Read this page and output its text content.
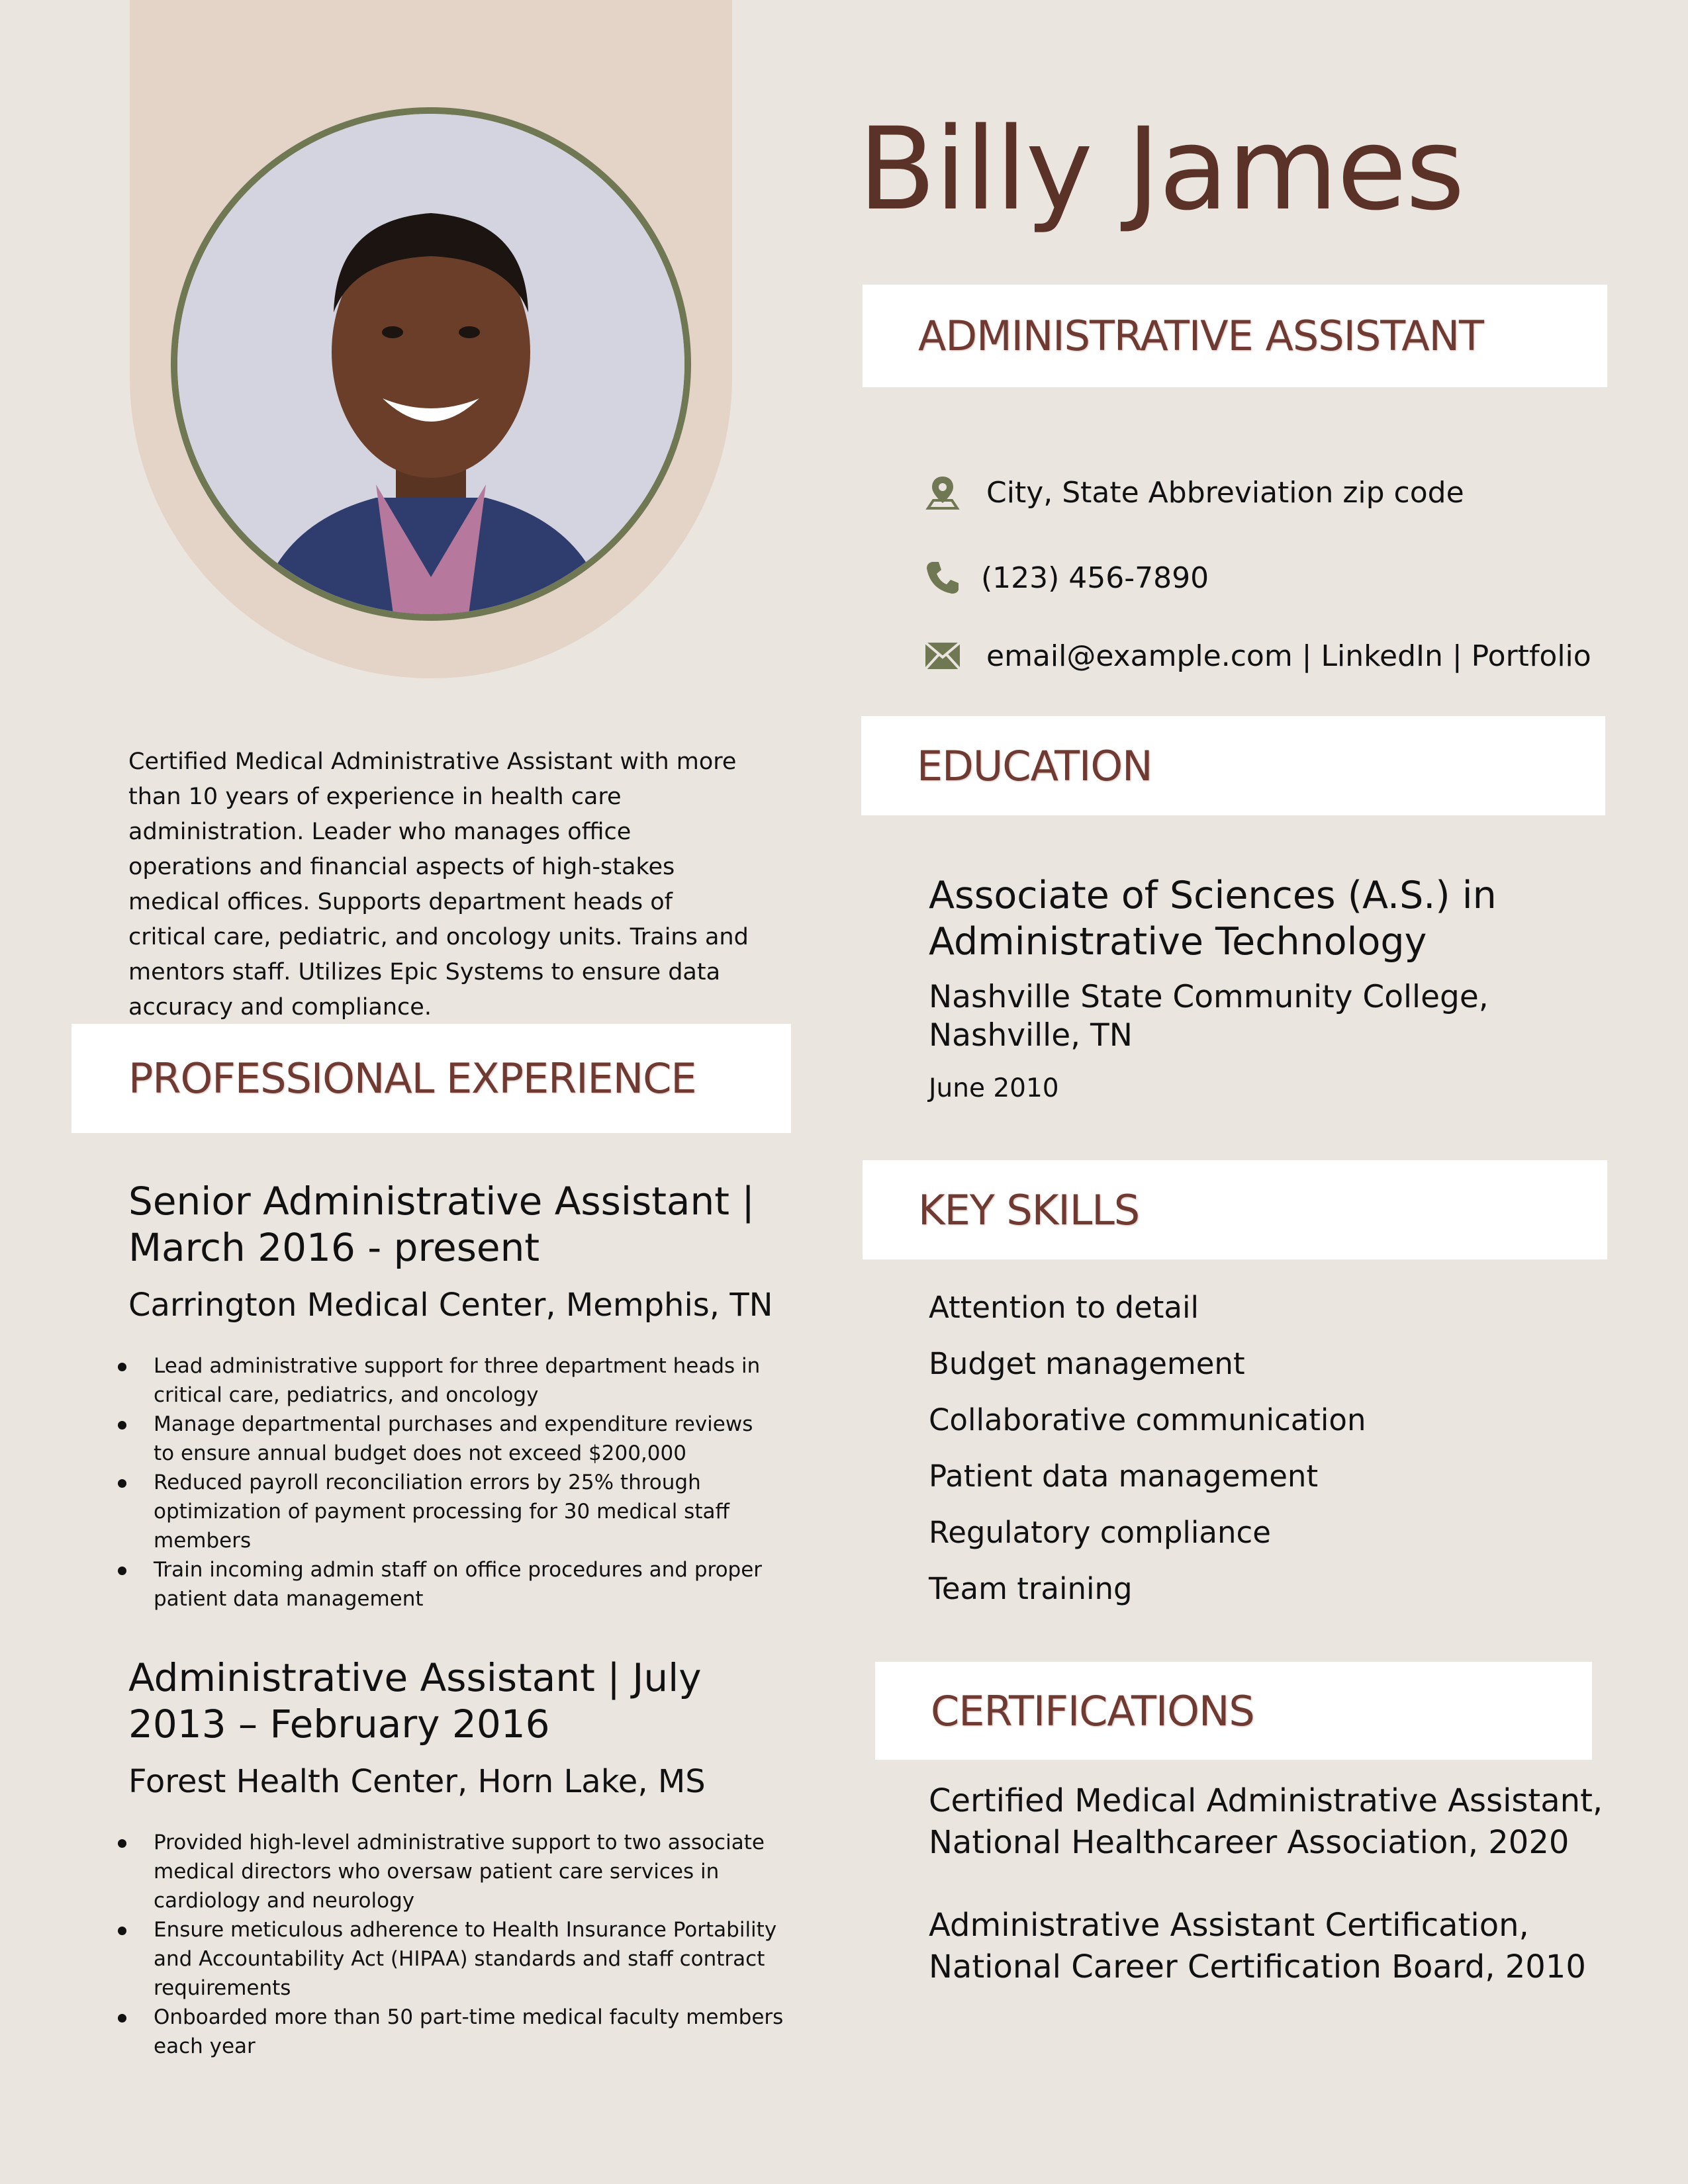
Billy James
ADMINISTRATIVE ASSISTANT
City, State Abbreviation zip code
(123) 456-7890
email@example.com | LinkedIn | Portfolio
Certified Medical Administrative Assistant with more than 10 years of experience in health care administration. Leader who manages office operations and financial aspects of high-stakes medical offices. Supports department heads of critical care, pediatric, and oncology units. Trains and mentors staff. Utilizes Epic Systems to ensure data accuracy and compliance.
PROFESSIONAL EXPERIENCE
Senior Administrative Assistant | March 2016 - present
Carrington Medical Center, Memphis, TN
Lead administrative support for three department heads in critical care, pediatrics, and oncology
Manage departmental purchases and expenditure reviews to ensure annual budget does not exceed $200,000
Reduced payroll reconciliation errors by 25% through optimization of payment processing for 30 medical staff members
Train incoming admin staff on office procedures and proper patient data management
Administrative Assistant | July 2013 – February 2016
Forest Health Center, Horn Lake, MS
Provided high-level administrative support to two associate medical directors who oversaw patient care services in cardiology and neurology
Ensure meticulous adherence to Health Insurance Portability and Accountability Act (HIPAA) standards and staff contract requirements
Onboarded more than 50 part-time medical faculty members each year
EDUCATION
Associate of Sciences (A.S.) in Administrative Technology
Nashville State Community College, Nashville, TN
June 2010
KEY SKILLS
Attention to detail
Budget management
Collaborative communication
Patient data management
Regulatory compliance
Team training
CERTIFICATIONS
Certified Medical Administrative Assistant, National Healthcareer Association, 2020
Administrative Assistant Certification, National Career Certification Board, 2010
